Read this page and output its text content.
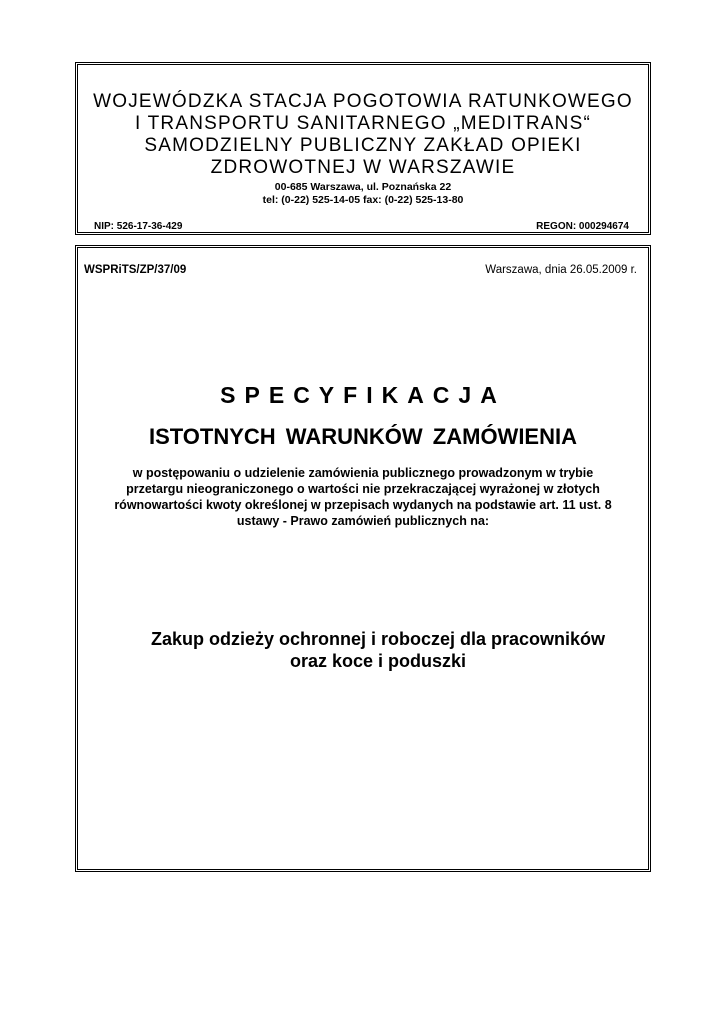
WOJEWÓDZKA STACJA POGOTOWIA RATUNKOWEGO
I TRANSPORTU SANITARNEGO „MEDITRANS“
SAMODZIELNY PUBLICZNY ZAKŁAD OPIEKI
ZDROWOTNEJ W WARSZAWIE
00-685 Warszawa, ul. Poznańska 22
tel: (0-22) 525-14-05 fax: (0-22) 525-13-80
NIP: 526-17-36-429	REGON: 000294674
WSPRiTS/ZP/37/09	Warszawa, dnia 26.05.2009 r.
SPECYFIKACJA
ISTOTNYCH WARUNKÓW ZAMÓWIENIA
w postępowaniu o udzielenie zamówienia publicznego prowadzonym w trybie
przetargu nieograniczonego o wartości nie przekraczającej wyrażonej w złotych
równowartości kwoty określonej w przepisach wydanych na podstawie art. 11 ust. 8
ustawy - Prawo zamówień publicznych na:
Zakup odzieży ochronnej i roboczej dla pracowników
oraz koce i poduszki
